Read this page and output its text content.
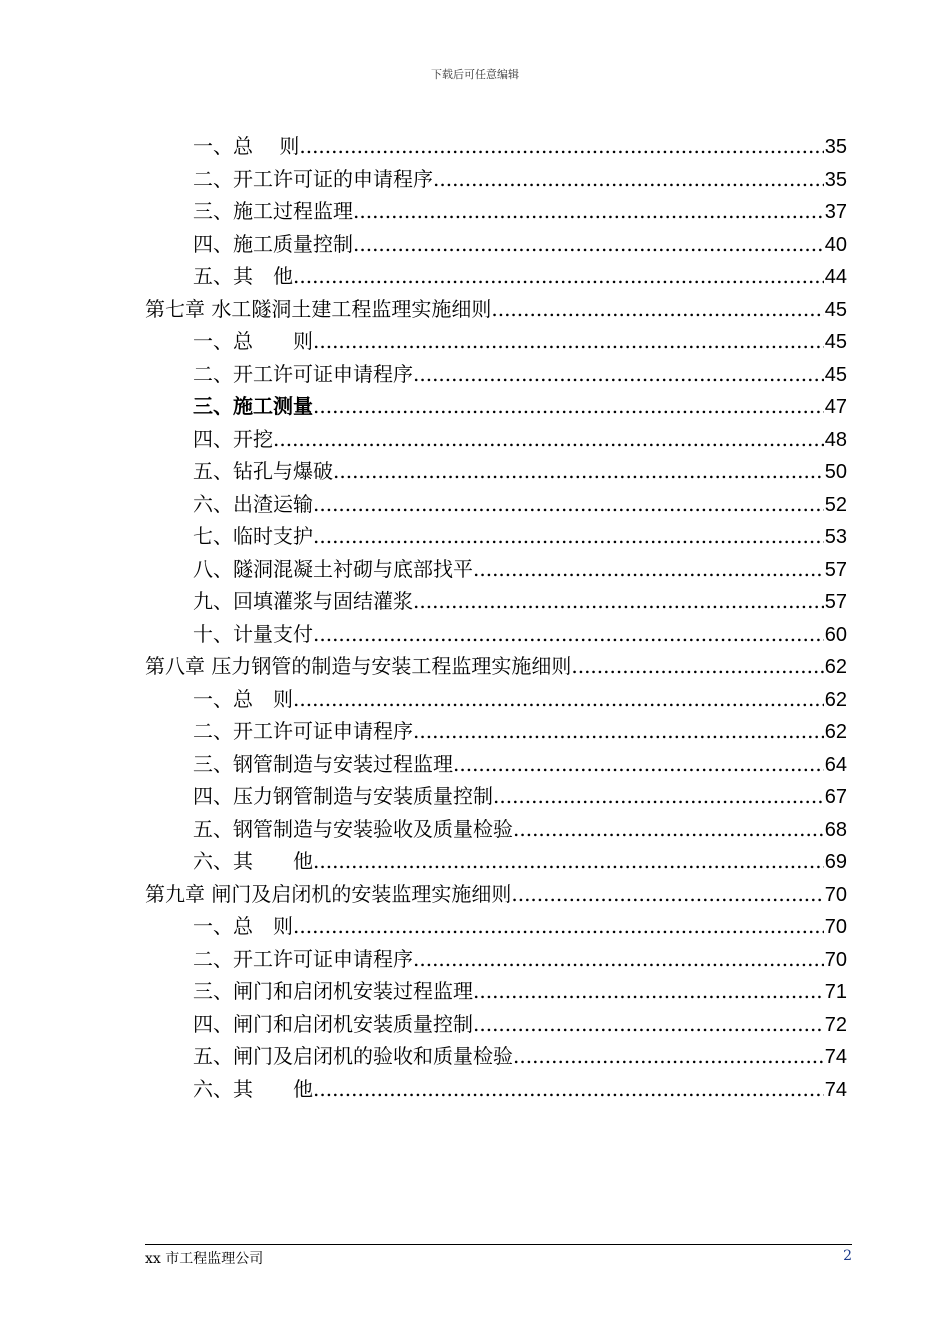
下载后可任意编辑
一、总　 则 .....	35
二、开工许可证的申请程序 .....	35
三、施工过程监理 .....	37
四、施工质量控制 .....	40
五、其　他 .....	44
第七章 水工隧洞土建工程监理实施细则 .....	45
一、总　　则 .....	45
二、开工许可证申请程序 .....	45
三、施工测量 .....	47
四、开挖 .....	48
五、钻孔与爆破 .....	50
六、出渣运输 .....	52
七、临时支护 .....	53
八、隧洞混凝土衬砌与底部找平 .....	57
九、回填灌浆与固结灌浆 .....	57
十、计量支付 .....	60
第八章 压力钢管的制造与安装工程监理实施细则 .....	62
一、总　则 .....	62
二、开工许可证申请程序 .....	62
三、钢管制造与安装过程监理 .....	64
四、压力钢管制造与安装质量控制 .....	67
五、钢管制造与安装验收及质量检验 .....	68
六、其　　他 .....	69
第九章 闸门及启闭机的安装监理实施细则 .....	70
一、总　则 .....	70
二、开工许可证申请程序 .....	70
三、闸门和启闭机安装过程监理 .....	71
四、闸门和启闭机安装质量控制 .....	72
五、闸门及启闭机的验收和质量检验 .....	74
六、其　　他 .....	74
xx 市工程监理公司	2
